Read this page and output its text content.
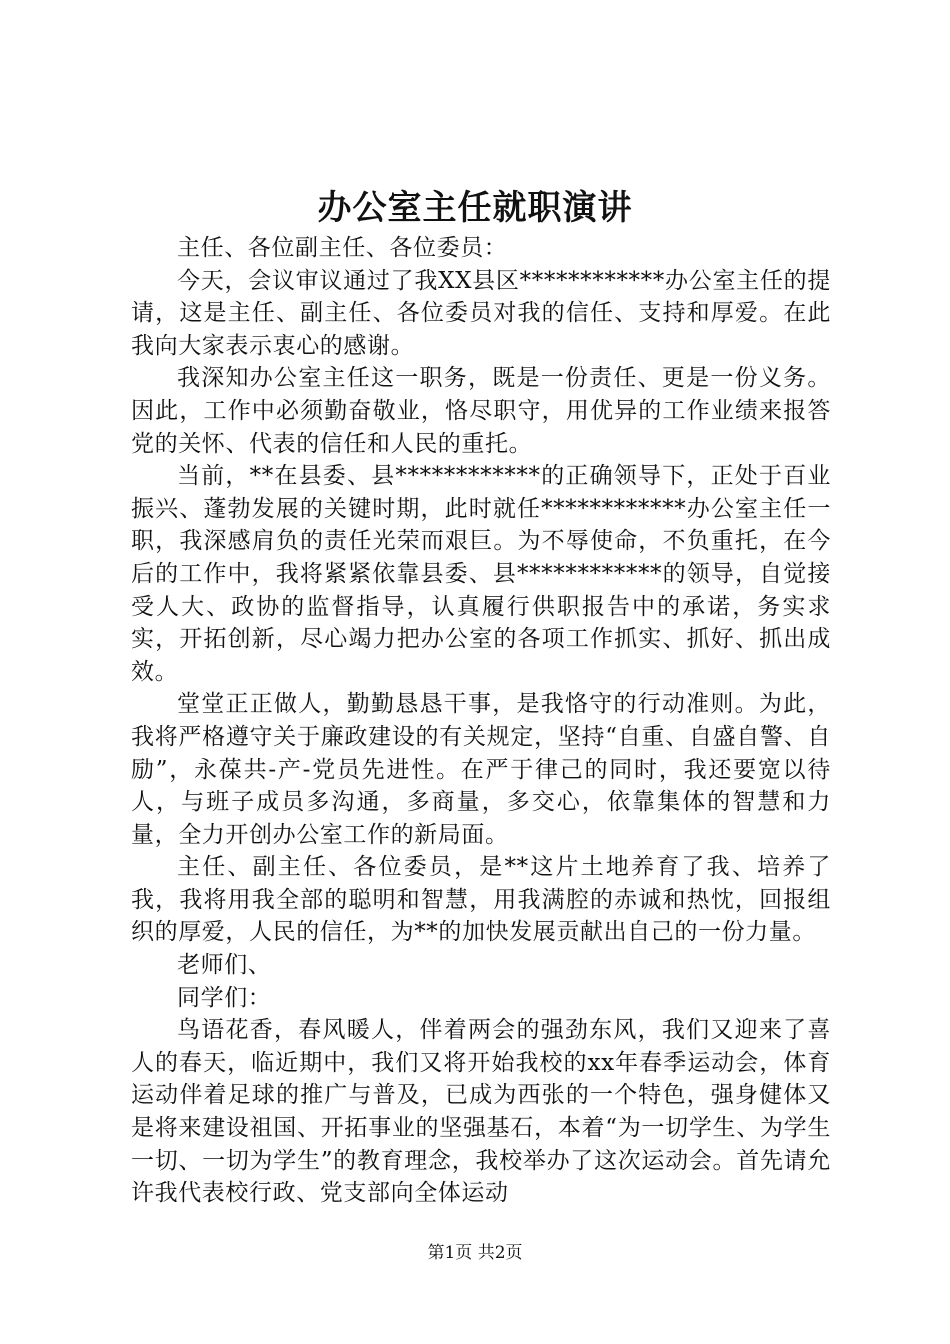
办公室主任就职演讲

主任、各位副主任、各位委员：

今天，会议审议通过了我XX县区************办公室主任的提请，这是主任、副主任、各位委员对我的信任、支持和厚爱。在此我向大家表示衷心的感谢。

我深知办公室主任这一职务，既是一份责任、更是一份义务。因此，工作中必须勤奋敬业，恪尽职守，用优异的工作业绩来报答党的关怀、代表的信任和人民的重托。

当前，**在县委、县************的正确领导下，正处于百业振兴、蓬勃发展的关键时期，此时就任************办公室主任一职，我深感肩负的责任光荣而艰巨。为不辱使命，不负重托，在今后的工作中，我将紧紧依靠县委、县************的领导，自觉接受人大、政协的监督指导，认真履行供职报告中的承诺，务实求实，开拓创新，尽心竭力把办公室的各项工作抓实、抓好、抓出成效。

堂堂正正做人，勤勤恳恳干事，是我恪守的行动准则。为此，我将严格遵守关于廉政建设的有关规定，坚持“自重、自盛自警、自励”，永葆共-产-党员先进性。在严于律己的同时，我还要宽以待人，与班子成员多沟通，多商量，多交心，依靠集体的智慧和力量，全力开创办公室工作的新局面。

主任、副主任、各位委员，是**这片土地养育了我、培养了我，我将用我全部的聪明和智慧，用我满腔的赤诚和热忱，回报组织的厚爱，人民的信任，为**的加快发展贡献出自己的一份力量。

老师们、

同学们：

鸟语花香，春风暖人，伴着两会的强劲东风，我们又迎来了喜人的春天，临近期中，我们又将开始我校的xx年春季运动会，体育运动伴着足球的推广与普及，已成为西张的一个特色，强身健体又是将来建设祖国、开拓事业的坚强基石，本着“为一切学生、为学生一切、一切为学生”的教育理念，我校举办了这次运动会。首先请允许我代表校行政、党支部向全体运动

第1页 共2页
